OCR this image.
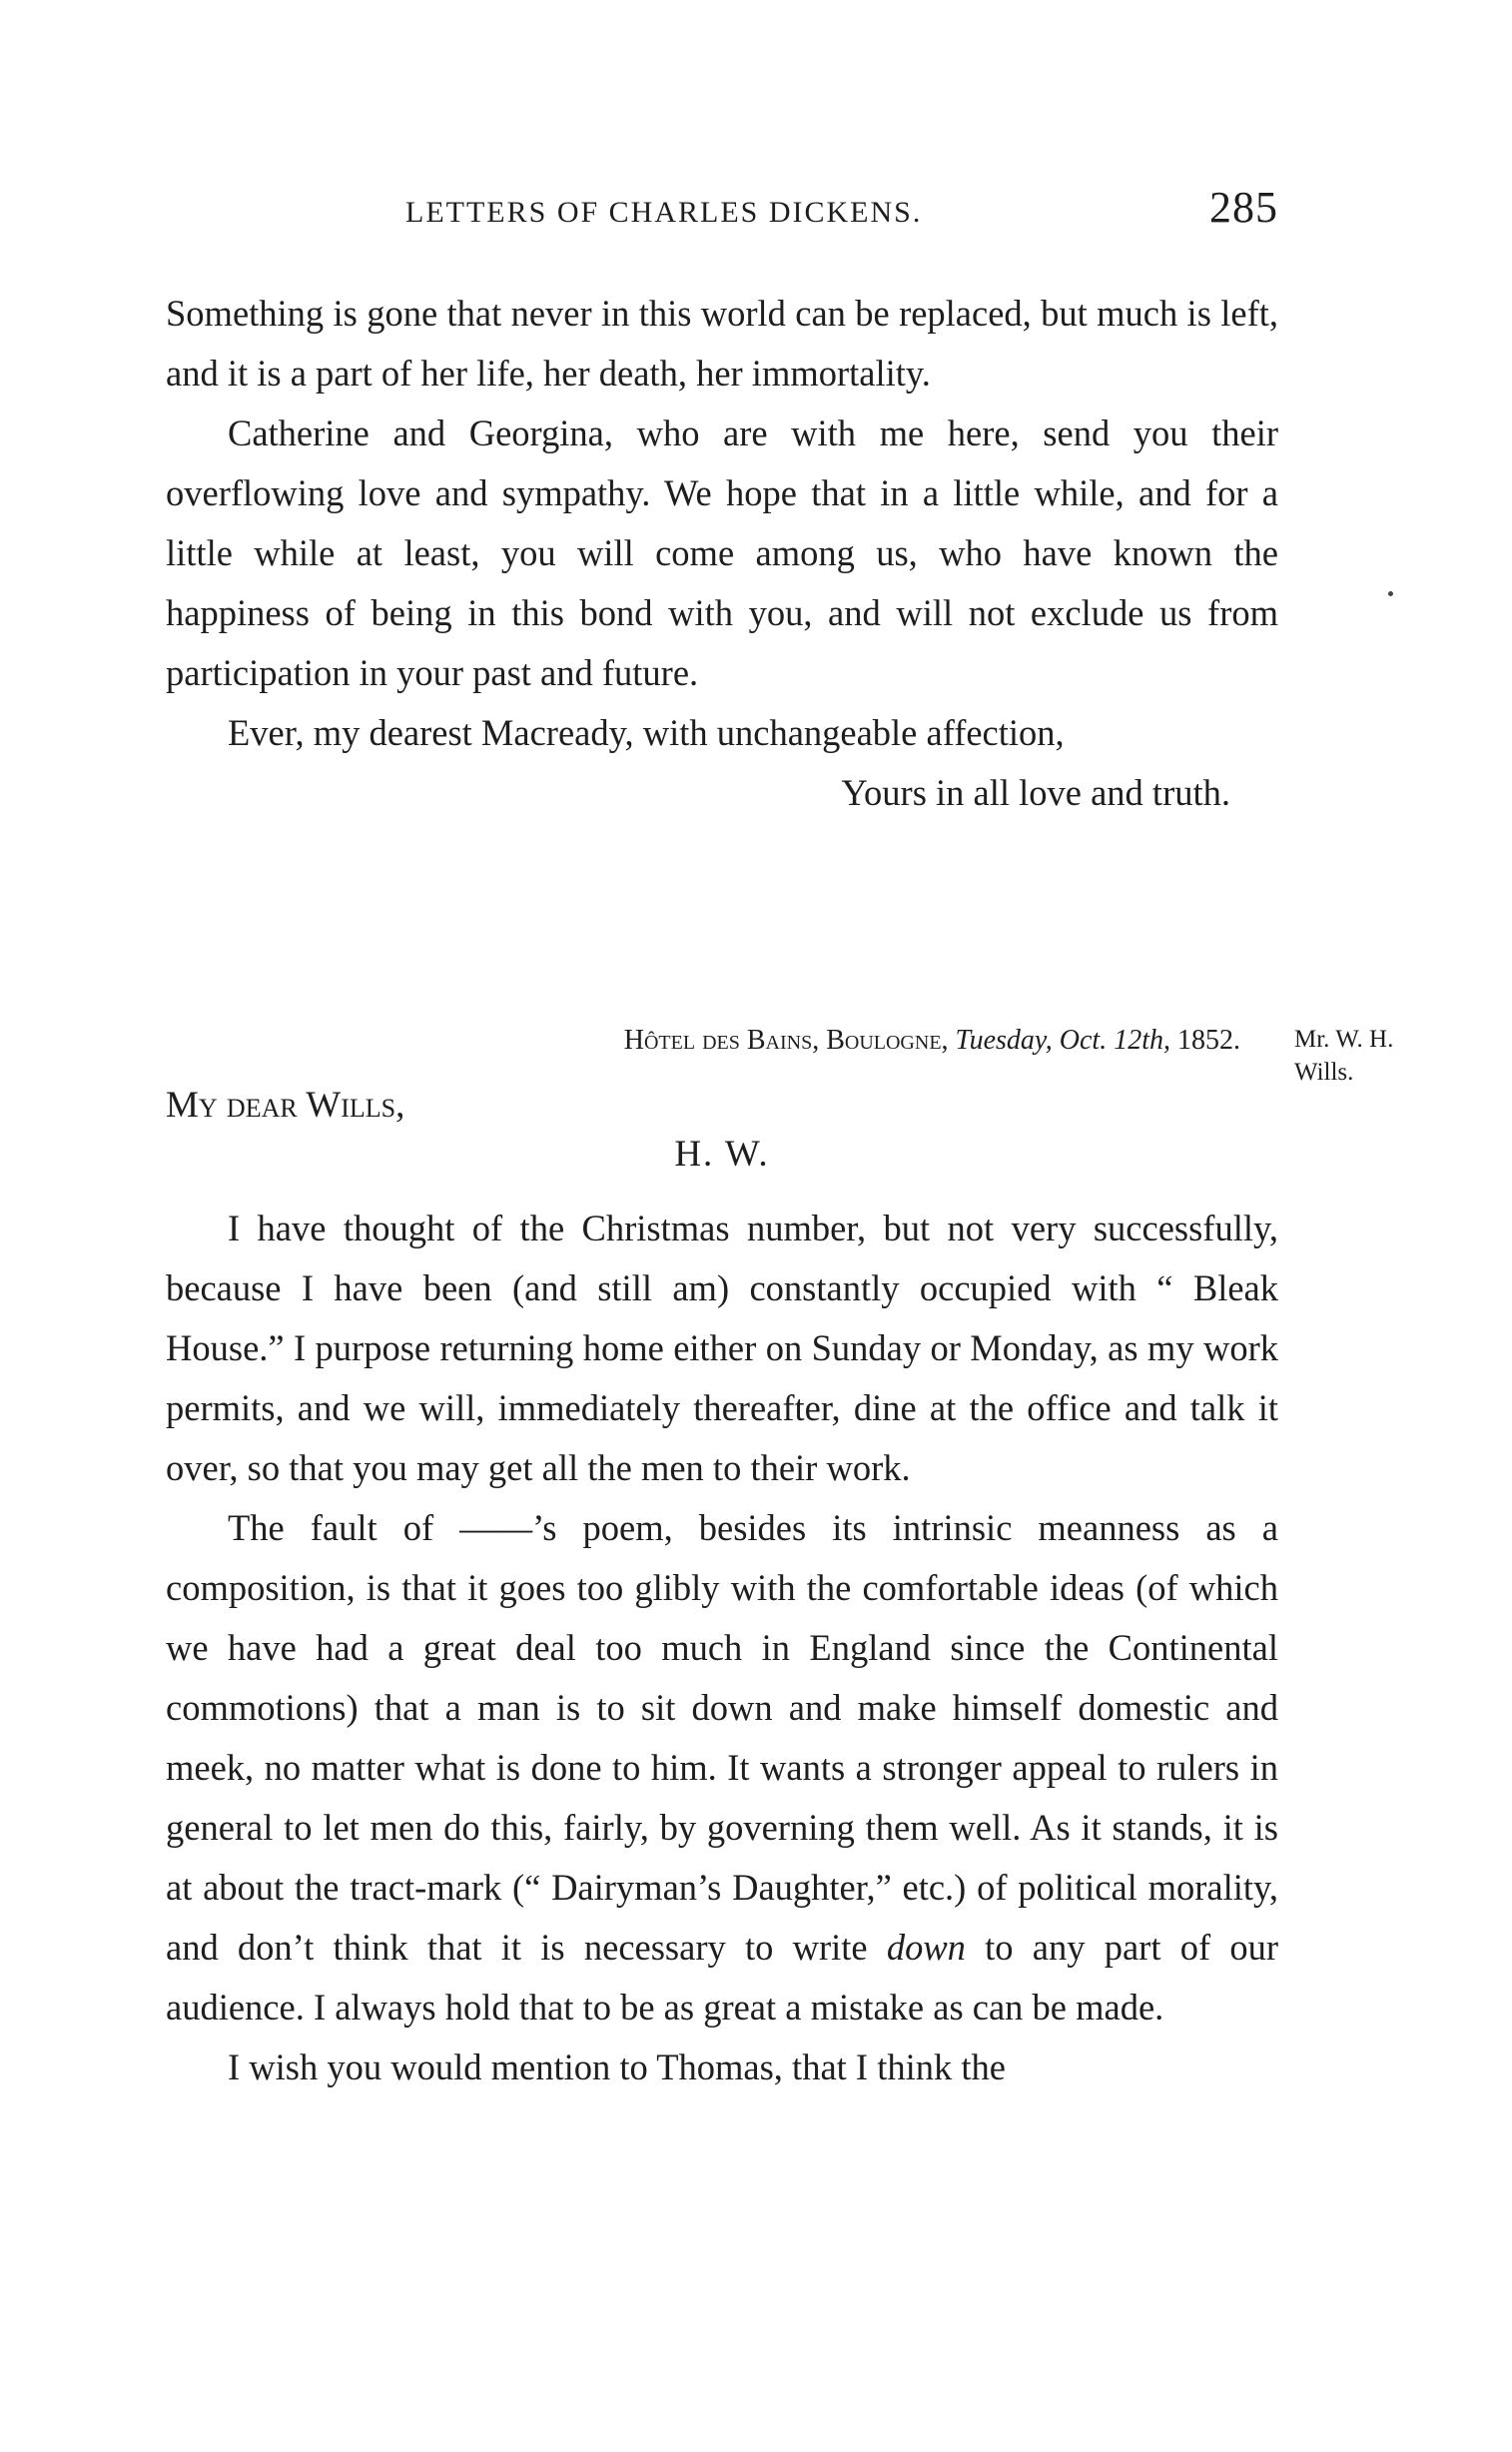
LETTERS OF CHARLES DICKENS.	285

Something is gone that never in this world can be replaced, but much is left, and it is a part of her life, her death, her immortality.

Catherine and Georgina, who are with me here, send you their overflowing love and sympathy. We hope that in a little while, and for a little while at least, you will come among us, who have known the happiness of being in this bond with you, and will not exclude us from participation in your past and future.

Ever, my dearest Macready, with unchangeable affection,

Yours in all love and truth.

Hôtel des Bains, Boulogne, Tuesday, Oct. 12th, 1852. Mr. W. H.
Wills.
My dear Wills,
H. W.

I have thought of the Christmas number, but not very successfully, because I have been (and still am) constantly occupied with “ Bleak House.” I purpose returning home either on Sunday or Monday, as my work permits, and we will, immediately thereafter, dine at the office and talk it over, so that you may get all the men to their work.

The fault of ——’s poem, besides its intrinsic meanness as a composition, is that it goes too glibly with the comfortable ideas (of which we have had a great deal too much in England since the Continental commotions) that a man is to sit down and make himself domestic and meek, no matter what is done to him. It wants a stronger appeal to rulers in general to let men do this, fairly, by governing them well. As it stands, it is at about the tract-mark (“ Dairyman’s Daughter,” etc.) of political morality, and don’t think that it is necessary to write down to any part of our audience. I always hold that to be as great a mistake as can be made.

I wish you would mention to Thomas, that I think the
